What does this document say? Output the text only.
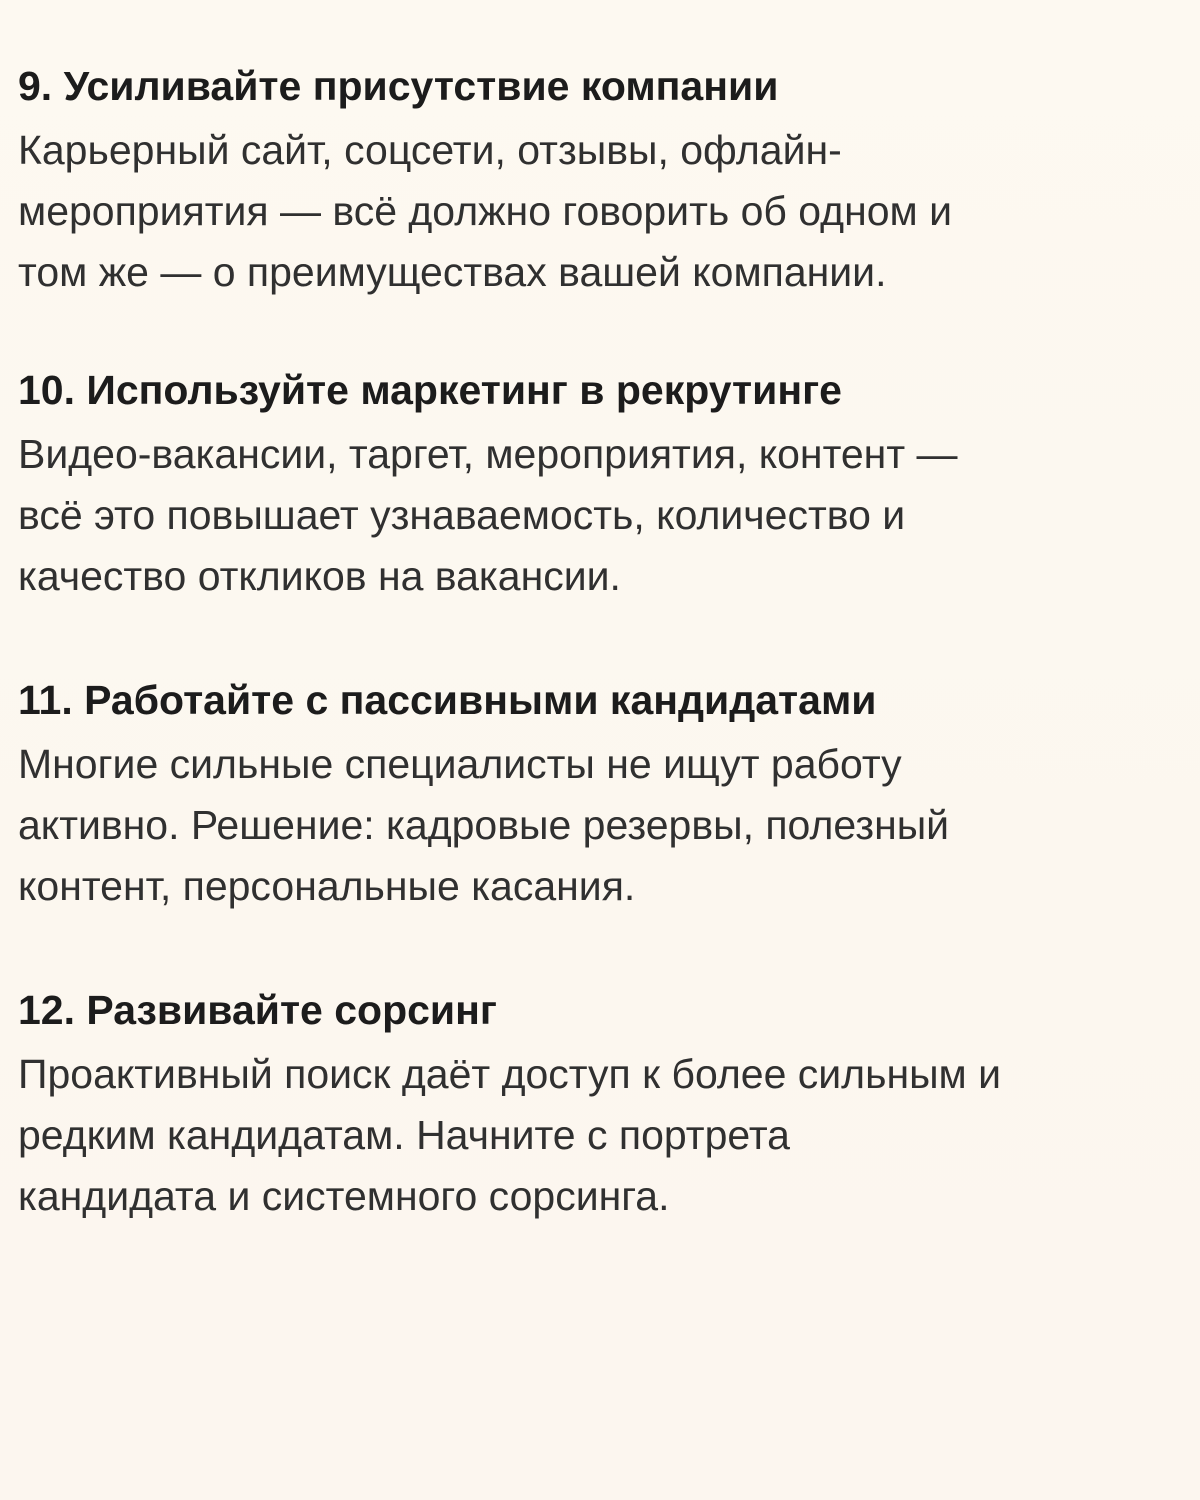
9. Усиливайте присутствие компании

Карьерный сайт, соцсети, отзывы, офлайн-
мероприятия — всё должно говорить об одном и
том же — о преимуществах вашей компании.

10. Используйте маркетинг в рекрутинге

Видео-вакансии, таргет, мероприятия, контент —
всё это повышает узнаваемость, количество и
качество откликов на вакансии.

11. Работайте с пассивными кандидатами

Многие сильные специалисты не ищут работу
активно. Решение: кадровые резервы, полезный
контент, персональные касания.

12. Развивайте сорсинг

Проактивный поиск даёт доступ к более сильным и
редким кандидатам. Начните с портрета
кандидата и системного сорсинга.
